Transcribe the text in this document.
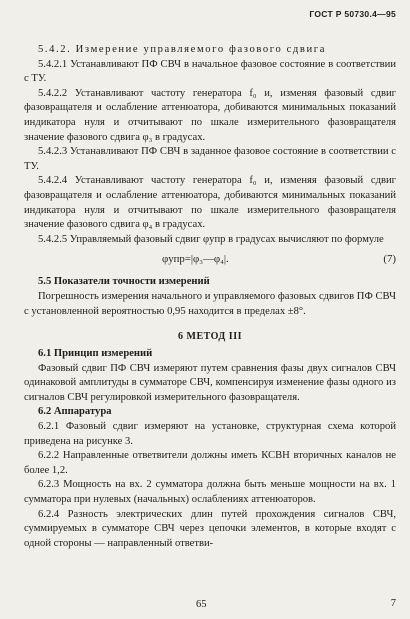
ГОСТ Р 50730.4—95

5.4.2. Измерение управляемого фазового сдвига

5.4.2.1 Устанавливают ПФ СВЧ в начальное фазовое состояние в соответствии с ТУ.

5.4.2.2 Устанавливают частоту генератора f₀ и, изменяя фазовый сдвиг фазовращателя и ослабление аттенюатора, добиваются минимальных показаний индикатора нуля и отчитывают по шкале измерительного фазовращателя значение фазового сдвига φ₃ в градусах.

5.4.2.3 Устанавливают ПФ СВЧ в заданное фазовое состояние в соответствии с ТУ.

5.4.2.4 Устанавливают частоту генератора f₀ и, изменяя фазовый сдвиг фазовращателя и ослабление аттенюатора, добиваются минимальных показаний индикатора нуля и отчитывают по шкале измерительного фазовращателя значение фазового сдвига φ₄ в градусах.

5.4.2.5 Управляемый фазовый сдвиг φупр в градусах вычисляют по формуле

φупр=|φ₃—φ₄|.	(7)

5.5 Показатели точности измерений

Погрешность измерения начального и управляемого фазовых сдвигов ПФ СВЧ с установленной вероятностью 0,95 находится в пределах ±8°.

6 МЕТОД III

6.1 Принцип измерений

Фазовый сдвиг ПФ СВЧ измеряют путем сравнения фазы двух сигналов СВЧ одинаковой амплитуды в сумматоре СВЧ, компенсируя изменение фазы одного из сигналов СВЧ регулировкой измерительного фазовращателя.

6.2 Аппаратура

6.2.1 Фазовый сдвиг измеряют на установке, структурная схема которой приведена на рисунке 3.

6.2.2 Направленные ответвители должны иметь КСВН вторичных каналов не более 1,2.

6.2.3 Мощность на вх. 2 сумматора должна быть меньше мощности на вх. 1 сумматора при нулевых (начальных) ослаблениях аттенюаторов.

6.2.4 Разность электрических длин путей прохождения сигналов СВЧ, суммируемых в сумматоре СВЧ через цепочки элементов, в которые входят с одной стороны — направленный ответви-

65	7
